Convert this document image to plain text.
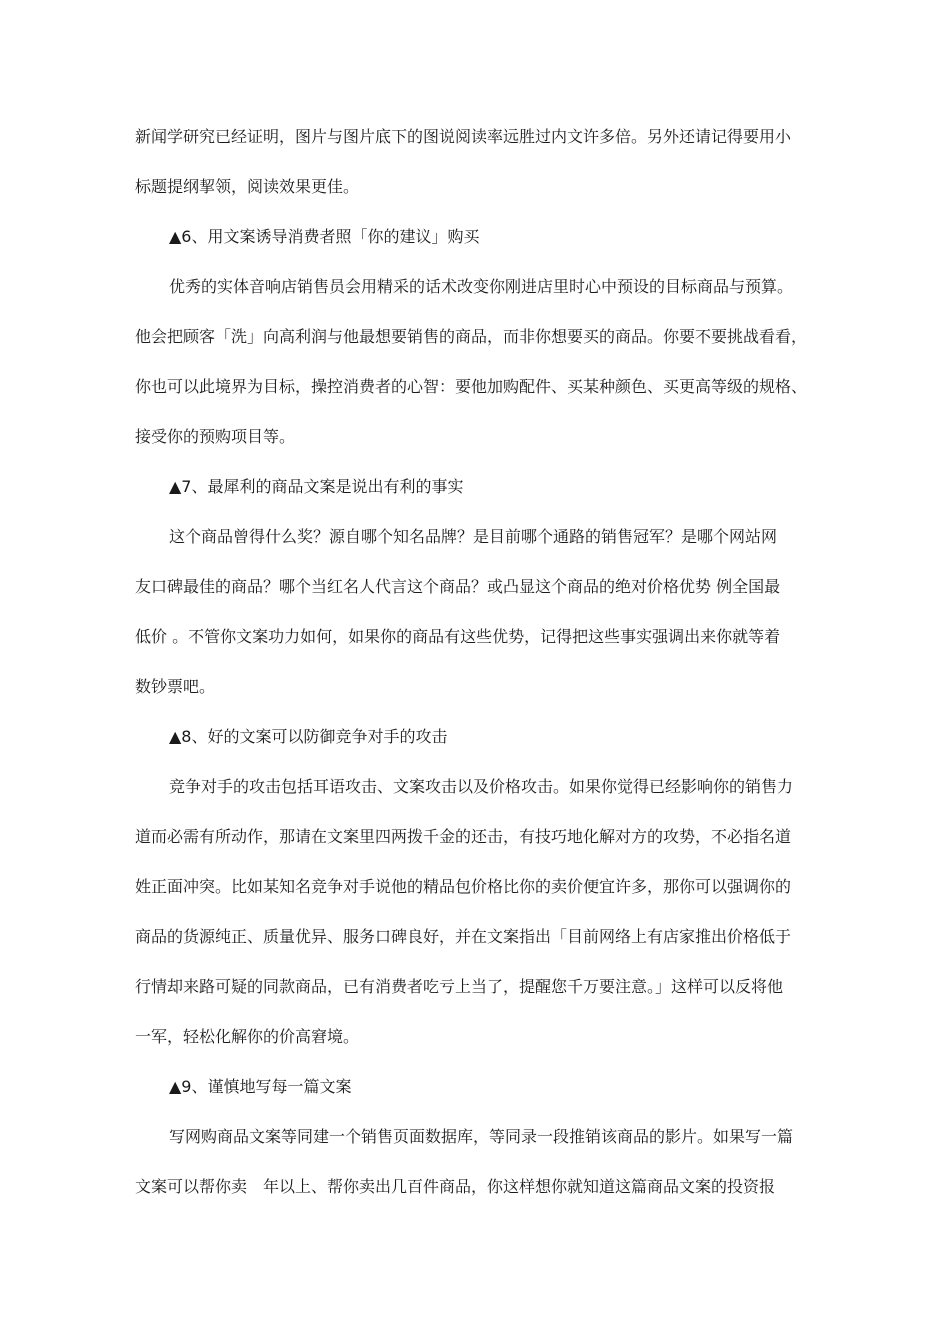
新闻学研究已经证明，图片与图片底下的图说阅读率远胜过内文许多倍。另外还请记得要用小
标题提纲挈领，阅读效果更佳。
▲6、用文案诱导消费者照「你的建议」购买
优秀的实体音响店销售员会用精采的话术改变你刚进店里时心中预设的目标商品与预算。
他会把顾客「洗」向高利润与他最想要销售的商品，而非你想要买的商品。你要不要挑战看看，
你也可以此境界为目标，操控消费者的心智：要他加购配件、买某种颜色、买更高等级的规格、
接受你的预购项目等。
▲7、最犀利的商品文案是说出有利的事实
这个商品曾得什么奖？源自哪个知名品牌？是目前哪个通路的销售冠军？是哪个网站网
友口碑最佳的商品？哪个当红名人代言这个商品？或凸显这个商品的绝对价格优势 例全国最
低价 。不管你文案功力如何，如果你的商品有这些优势，记得把这些事实强调出来你就等着
数钞票吧。
▲8、好的文案可以防御竞争对手的攻击
竞争对手的攻击包括耳语攻击、文案攻击以及价格攻击。如果你觉得已经影响你的销售力
道而必需有所动作，那请在文案里四两拨千金的还击，有技巧地化解对方的攻势，不必指名道
姓正面冲突。比如某知名竞争对手说他的精品包价格比你的卖价便宜许多，那你可以强调你的
商品的货源纯正、质量优异、服务口碑良好，并在文案指出「目前网络上有店家推出价格低于
行情却来路可疑的同款商品，已有消费者吃亏上当了，提醒您千万要注意。」这样可以反将他
一军，轻松化解你的价高窘境。
▲9、谨慎地写每一篇文案
写网购商品文案等同建一个销售页面数据库，等同录一段推销该商品的影片。如果写一篇
文案可以帮你卖　年以上、帮你卖出几百件商品，你这样想你就知道这篇商品文案的投资报
